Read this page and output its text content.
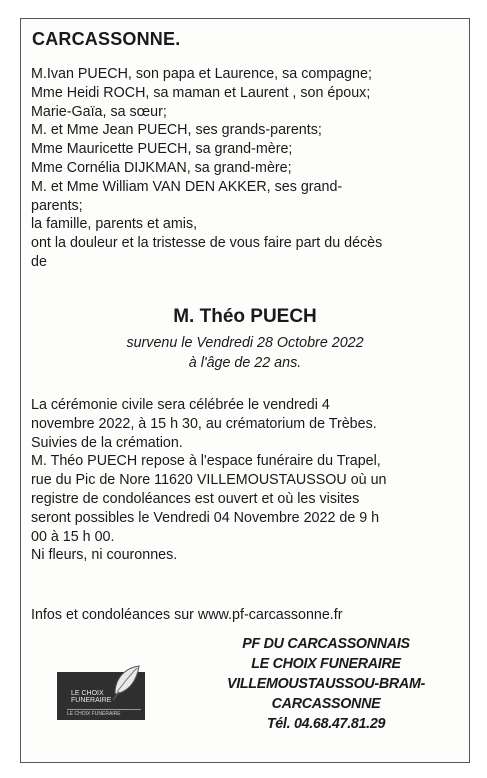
CARCASSONNE.
M.Ivan PUECH, son papa et Laurence, sa compagne;
Mme Heidi ROCH, sa maman et Laurent , son époux;
Marie-Gaïa, sa sœur;
M. et Mme Jean PUECH, ses grands-parents;
Mme Mauricette PUECH, sa grand-mère;
Mme Cornélia DIJKMAN, sa grand-mère;
M. et Mme William VAN DEN AKKER, ses grand-
parents;
la famille, parents et amis,
ont la douleur et la tristesse de vous faire part du décès
de
M. Théo PUECH
survenu le Vendredi 28 Octobre 2022
à l'âge de 22 ans.
La cérémonie civile sera célébrée le vendredi 4
novembre 2022, à 15 h 30, au crématorium de Trèbes.
Suivies de la crémation.
M. Théo PUECH repose à l'espace funéraire du Trapel,
rue du Pic de Nore 11620 VILLEMOUSTAUSSOU où un
registre de condoléances est ouvert et où les visites
seront possibles le Vendredi 04 Novembre 2022 de 9 h
00 à 15 h 00.
Ni fleurs, ni couronnes.
Infos et condoléances sur www.pf-carcassonne.fr
LE CHOIX
FUNERAIRE
LE CHOIX FUNERAIRE
PF DU CARCASSONNAIS
LE CHOIX FUNERAIRE
VILLEMOUSTAUSSOU-BRAM-
CARCASSONNE
Tél. 04.68.47.81.29
